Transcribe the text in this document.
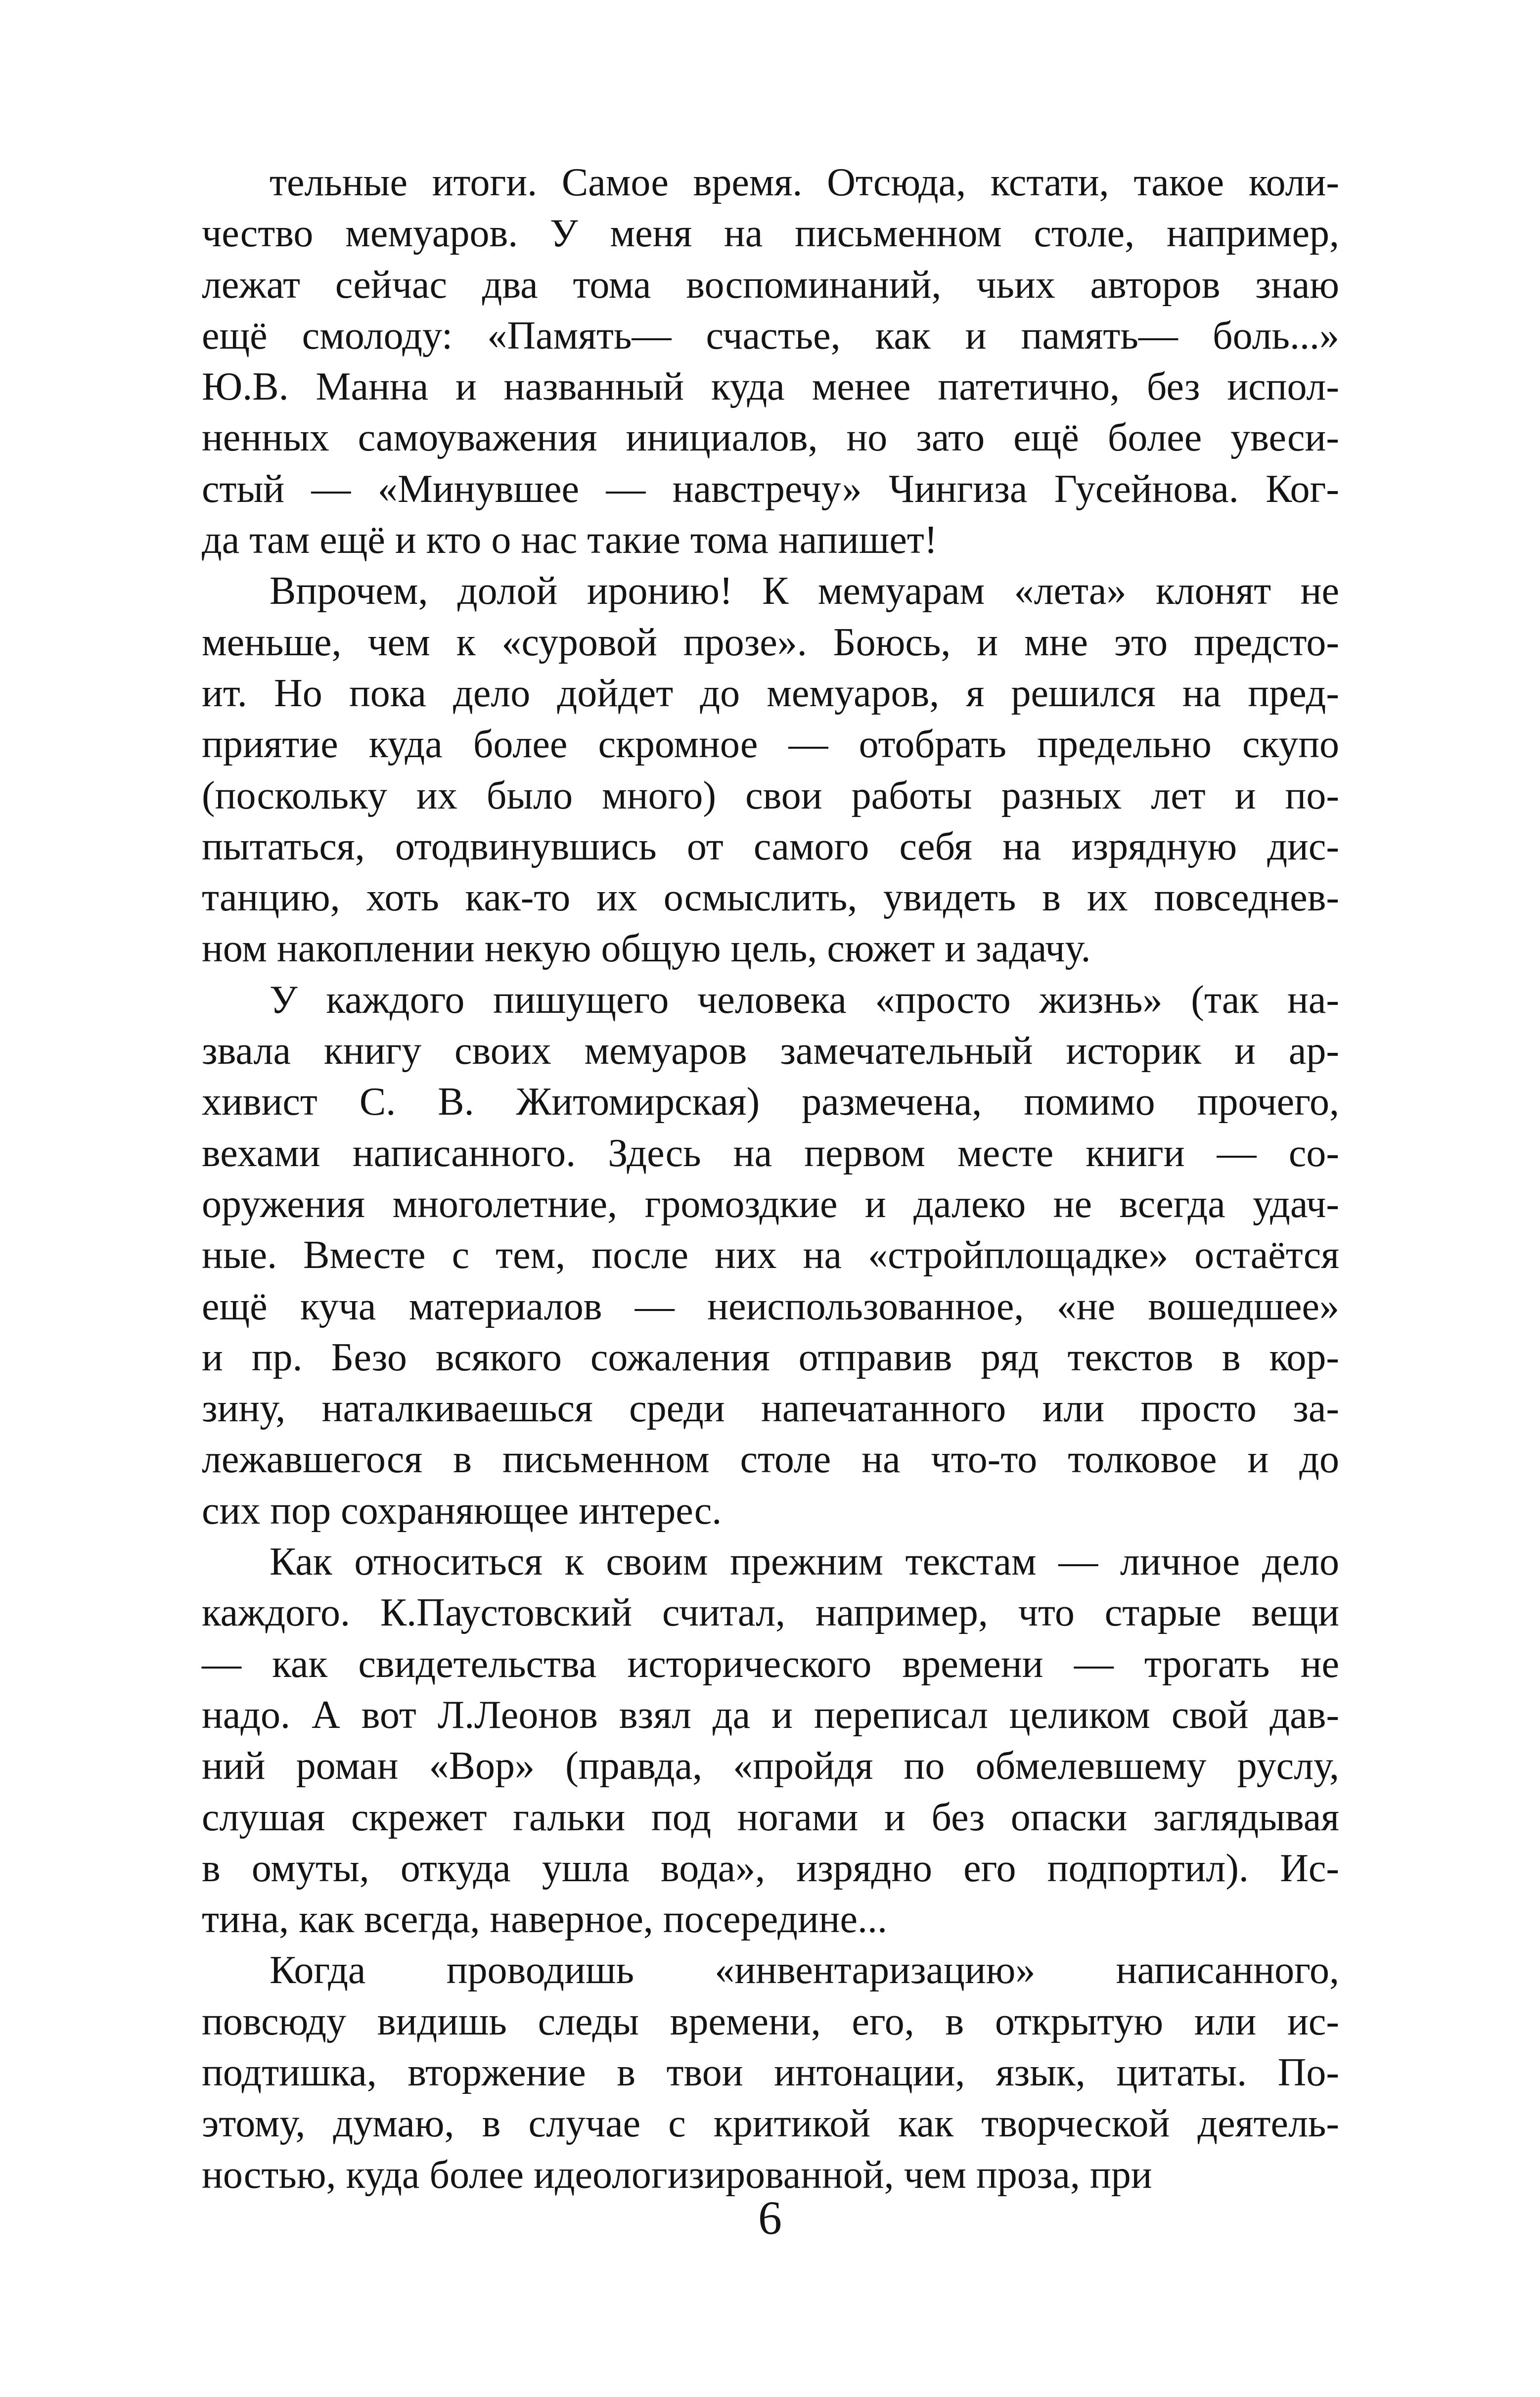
тельные итоги. Самое время. Отсюда, кстати, такое коли-
чество мемуаров. У меня на письменном столе, например,
лежат сейчас два тома воспоминаний, чьих авторов знаю
ещё смолоду: «Память— счастье, как и память— боль...»
Ю.В. Манна и названный куда менее патетично, без испол-
ненных самоуважения инициалов, но зато ещё более увеси-
стый — «Минувшее — навстречу» Чингиза Гусейнова. Ког-
да там ещё и кто о нас такие тома напишет!
Впрочем, долой иронию! К мемуарам «лета» клонят не
меньше, чем к «суровой прозе». Боюсь, и мне это предсто-
ит. Но пока дело дойдет до мемуаров, я решился на пред-
приятие куда более скромное — отобрать предельно скупо
(поскольку их было много) свои работы разных лет и по-
пытаться, отодвинувшись от самого себя на изрядную дис-
танцию, хоть как-то их осмыслить, увидеть в их повседнев-
ном накоплении некую общую цель, сюжет и задачу.
У каждого пишущего человека «просто жизнь» (так на-
звала книгу своих мемуаров замечательный историк и ар-
хивист С. В. Житомирская) размечена, помимо прочего,
вехами написанного. Здесь на первом месте книги — со-
оружения многолетние, громоздкие и далеко не всегда удач-
ные. Вместе с тем, после них на «стройплощадке» остаётся
ещё куча материалов — неиспользованное, «не вошедшее»
и пр. Безо всякого сожаления отправив ряд текстов в кор-
зину, наталкиваешься среди напечатанного или просто за-
лежавшегося в письменном столе на что-то толковое и до
сих пор сохраняющее интерес.
Как относиться к своим прежним текстам — личное дело
каждого. К.Паустовский считал, например, что старые вещи
— как свидетельства исторического времени — трогать не
надо. А вот Л.Леонов взял да и переписал целиком свой дав-
ний роман «Вор» (правда, «пройдя по обмелевшему руслу,
слушая скрежет гальки под ногами и без опаски заглядывая
в омуты, откуда ушла вода», изрядно его подпортил). Ис-
тина, как всегда, наверное, посередине...
Когда проводишь «инвентаризацию» написанного,
повсюду видишь следы времени, его, в открытую или ис-
подтишка, вторжение в твои интонации, язык, цитаты. По-
этому, думаю, в случае с критикой как творческой деятель-
ностью, куда более идеологизированной, чем проза, при
6
